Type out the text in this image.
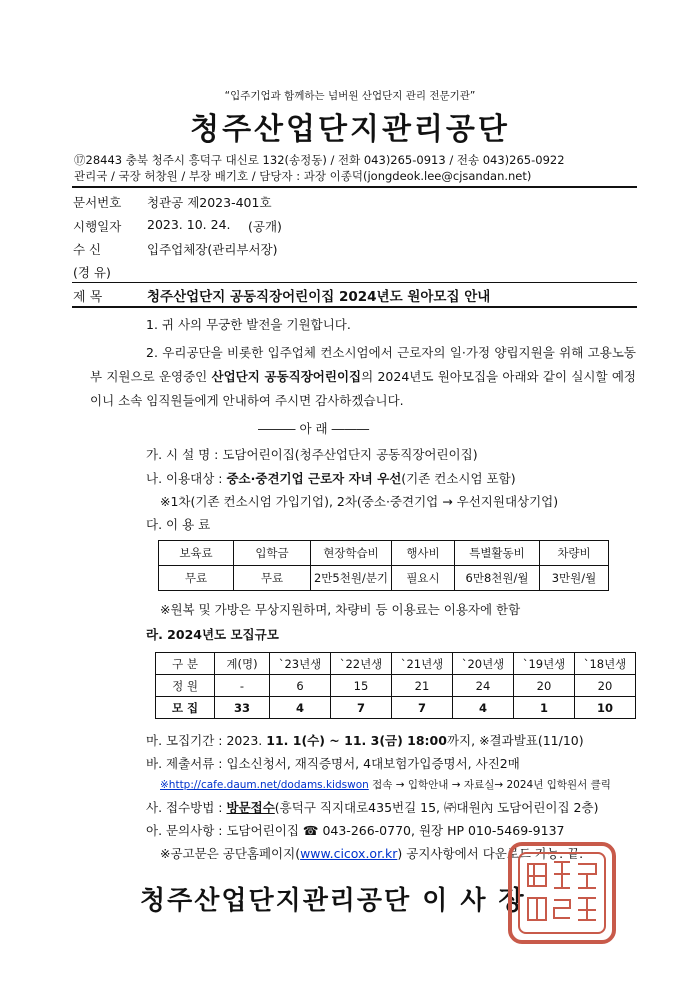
“입주기업과 함께하는 넘버원 산업단지 관리 전문기관”
청주산업단지관리공단
⑰28443 충북 청주시 흥덕구 대신로 132(송정동) / 전화 043)265-0913 / 전송 043)265-0922
관리국 / 국장 허창원 / 부장 배기호 / 담당자 : 과장 이종덕(jongdeok.lee@cjsandan.net)
문서번호 청관공 제2023-401호
시행일자 2023. 10. 24. (공개)
수 신	입주업체장(관리부서장)
(경 유)
제 목	청주산업단지 공동직장어린이집 2024년도 원아모집 안내
1. 귀 사의 무궁한 발전을 기원합니다.
2. 우리공단을 비롯한 입주업체 컨소시엄에서 근로자의 일·가정 양립지원을 위해 고용노동부 지원으로 운영중인 산업단지 공동직장어린이집의 2024년도 원아모집을 아래와 같이 실시할 예정이니 소속 임직원들에게 안내하여 주시면 감사하겠습니다.
――― 아 래 ―――
가. 시 설 명 : 도담어린이집(청주산업단지 공동직장어린이집)
나. 이용대상 : 중소·중견기업 근로자 자녀 우선(기존 컨소시엄 포함)
※1차(기존 컨소시엄 가입기업), 2차(중소·중견기업 → 우선지원대상기업)
다. 이 용 료
보육료	입학금	현장학습비	행사비	특별활동비	차량비
무료	무료	2만5천원/분기	필요시	6만8천원/월	3만원/월
※원복 및 가방은 무상지원하며, 차량비 등 이용료는 이용자에 한함
라. 2024년도 모집규모
구 분	계(명)	`23년생	`22년생	`21년생	`20년생	`19년생	`18년생
정 원	-	6	15	21	24	20	20
모 집	33	4	7	7	4	1	10
마. 모집기간 : 2023. 11. 1(수) ~ 11. 3(금) 18:00까지, ※결과발표(11/10)
바. 제출서류 : 입소신청서, 재직증명서, 4대보험가입증명서, 사진2매
※http://cafe.daum.net/dodams.kidswon 접속 → 입학안내 → 자료실→ 2024년 입학원서 클릭
사. 접수방법 : 방문접수(흥덕구 직지대로435번길 15, ㈜대원內 도담어린이집 2층)
아. 문의사항 : 도담어린이집 ☎ 043-266-0770, 원장 HP 010-5469-9137
※공고문은 공단홈페이지(www.cicox.or.kr) 공지사항에서 다운로드 가능. 끝.
청주산업단지관리공단 이 사 장
